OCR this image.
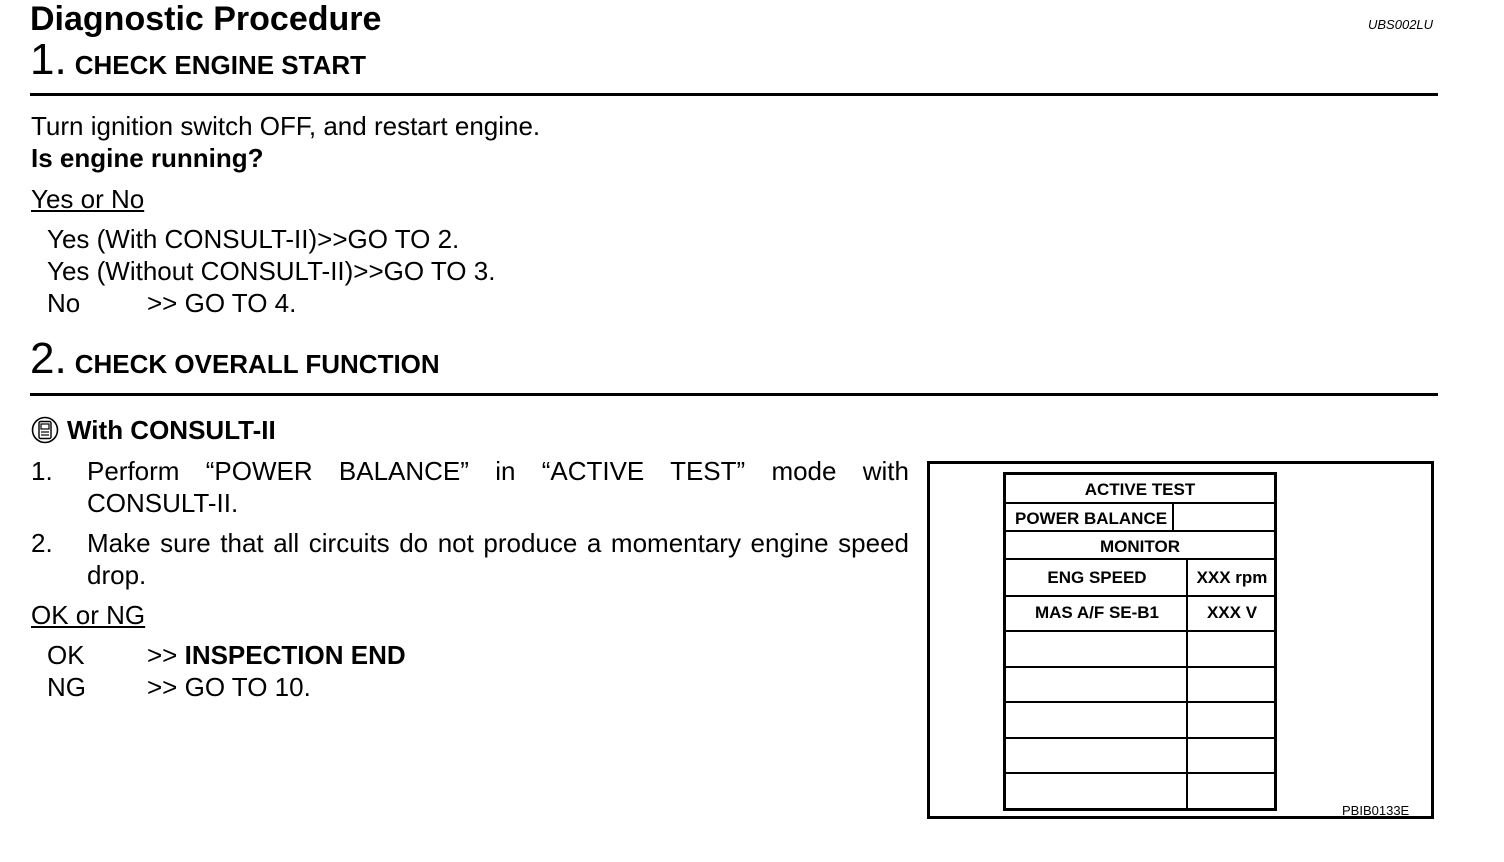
Diagnostic Procedure	UBS002LU
1. CHECK ENGINE START
Turn ignition switch OFF, and restart engine.
Is engine running?
Yes or No
Yes (With CONSULT-II)>>GO TO 2.
Yes (Without CONSULT-II)>>GO TO 3.
No	>> GO TO 4.
2. CHECK OVERALL FUNCTION
With CONSULT-II
1. Perform “POWER BALANCE” in “ACTIVE TEST” mode with CONSULT-II.
2. Make sure that all circuits do not produce a momentary engine speed drop.
OK or NG
OK >> INSPECTION END
NG >> GO TO 10.
ACTIVE TEST
POWER BALANCE
MONITOR
ENG SPEED	XXX rpm
MAS A/F SE-B1	XXX V
PBIB0133E
